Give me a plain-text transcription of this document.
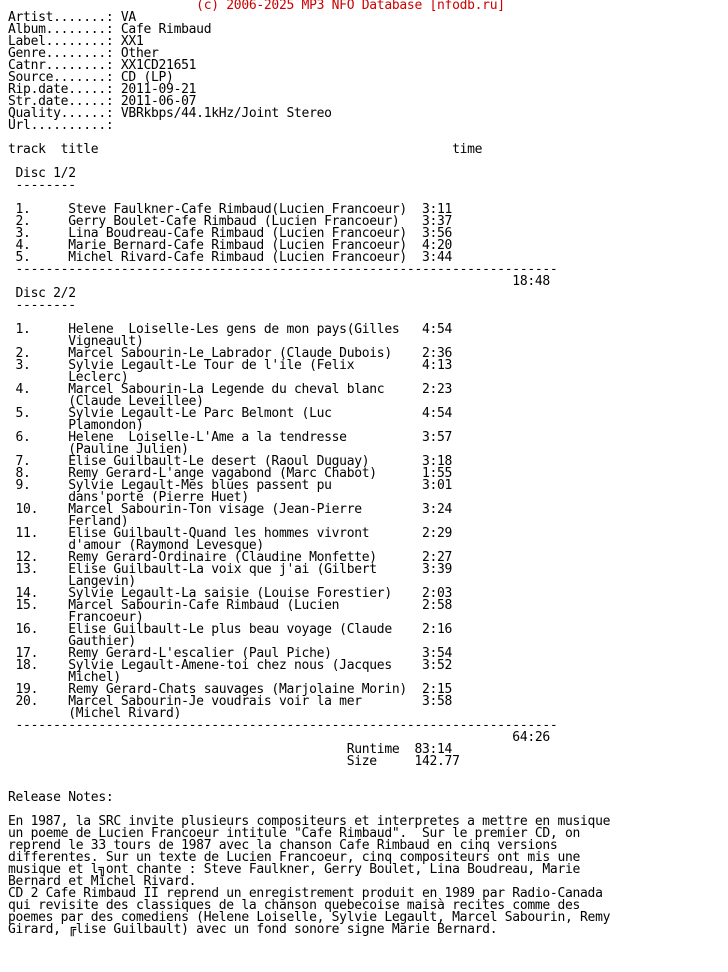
(c) 2006-2025 MP3 NFO Database [nfodb.ru]
Artist.......: VA
Album........: Cafe Rimbaud
Label........: XX1
Genre........: Other
Catnr........: XX1CD21651
Source.......: CD (LP)
Rip.date.....: 2011-09-21
Str.date.....: 2011-06-07
Quality......: VBRkbps/44.1kHz/Joint Stereo
Url..........:
track  title                                               time
Disc 1/2
--------
1.     Steve Faulkner-Cafe Rimbaud(Lucien Francoeur)  3:11
2.     Gerry Boulet-Cafe Rimbaud (Lucien Francoeur)   3:37
3.     Lina Boudreau-Cafe Rimbaud (Lucien Francoeur)  3:56
4.     Marie Bernard-Cafe Rimbaud (Lucien Francoeur)  4:20
5.     Michel Rivard-Cafe Rimbaud (Lucien Francoeur)  3:44
------------------------------------------------------------------------
18:48
Disc 2/2
--------
1.     Helene  Loiselle-Les gens de mon pays(Gilles   4:54
Vigneault)
2.     Marcel Sabourin-Le Labrador (Claude Dubois)    2:36
3.     Sylvie Legault-Le Tour de l'ile (Felix         4:13
Leclerc)
4.     Marcel Sabourin-La Legende du cheval blanc     2:23
(Claude Leveillee)
5.     Sylvie Legault-Le Parc Belmont (Luc            4:54
Plamondon)
6.     Helene  Loiselle-L'Ame a la tendresse          3:57
(Pauline Julien)
7.     Elise Guilbault-Le desert (Raoul Duguay)       3:18
8.     Remy Gerard-L'ange vagabond (Marc Chabot)      1:55
9.     Sylvie Legault-Mes blues passent pu            3:01
dans'porte (Pierre Huet)
10.    Marcel Sabourin-Ton visage (Jean-Pierre        3:24
Ferland)
11.    Elise Guilbault-Quand les hommes vivront       2:29
d'amour (Raymond Levesque)
12.    Remy Gerard-Ordinaire (Claudine Monfette)      2:27
13.    Elise Guilbault-La voix que j'ai (Gilbert      3:39
Langevin)
14.    Sylvie Legault-La saisie (Louise Forestier)    2:03
15.    Marcel Sabourin-Cafe Rimbaud (Lucien           2:58
Francoeur)
16.    Elise Guilbault-Le plus beau voyage (Claude    2:16
Gauthier)
17.    Remy Gerard-L'escalier (Paul Piche)            3:54
18.    Sylvie Legault-Amene-toi chez nous (Jacques    3:52
Michel)
19.    Remy Gerard-Chats sauvages (Marjolaine Morin)  2:15
20.    Marcel Sabourin-Je voudrais voir la mer        3:58
(Michel Rivard)
------------------------------------------------------------------------
64:26
Runtime  83:14
Size     142.77
Release Notes:
En 1987, la SRC invite plusieurs compositeurs et interpretes a mettre en musique
un poeme de Lucien Francoeur intitule "Cafe Rimbaud".  Sur le premier CD, on
reprend le 33 tours de 1987 avec la chanson Cafe Rimbaud en cinq versions
differentes. Sur un texte de Lucien Francoeur, cinq compositeurs ont mis une
musique et l╗ont chante : Steve Faulkner, Gerry Boulet, Lina Boudreau, Marie
Bernard et Michel Rivard.
CD 2 Cafe Rimbaud II reprend un enregistrement produit en 1989 par Radio-Canada
qui revisite des classiques de la chanson quebecoise maisà recites comme des
poemes par des comediens (Helene Loiselle, Sylvie Legault, Marcel Sabourin, Remy
Girard, ╔lise Guilbault) avec un fond sonore signe Marie Bernard.
